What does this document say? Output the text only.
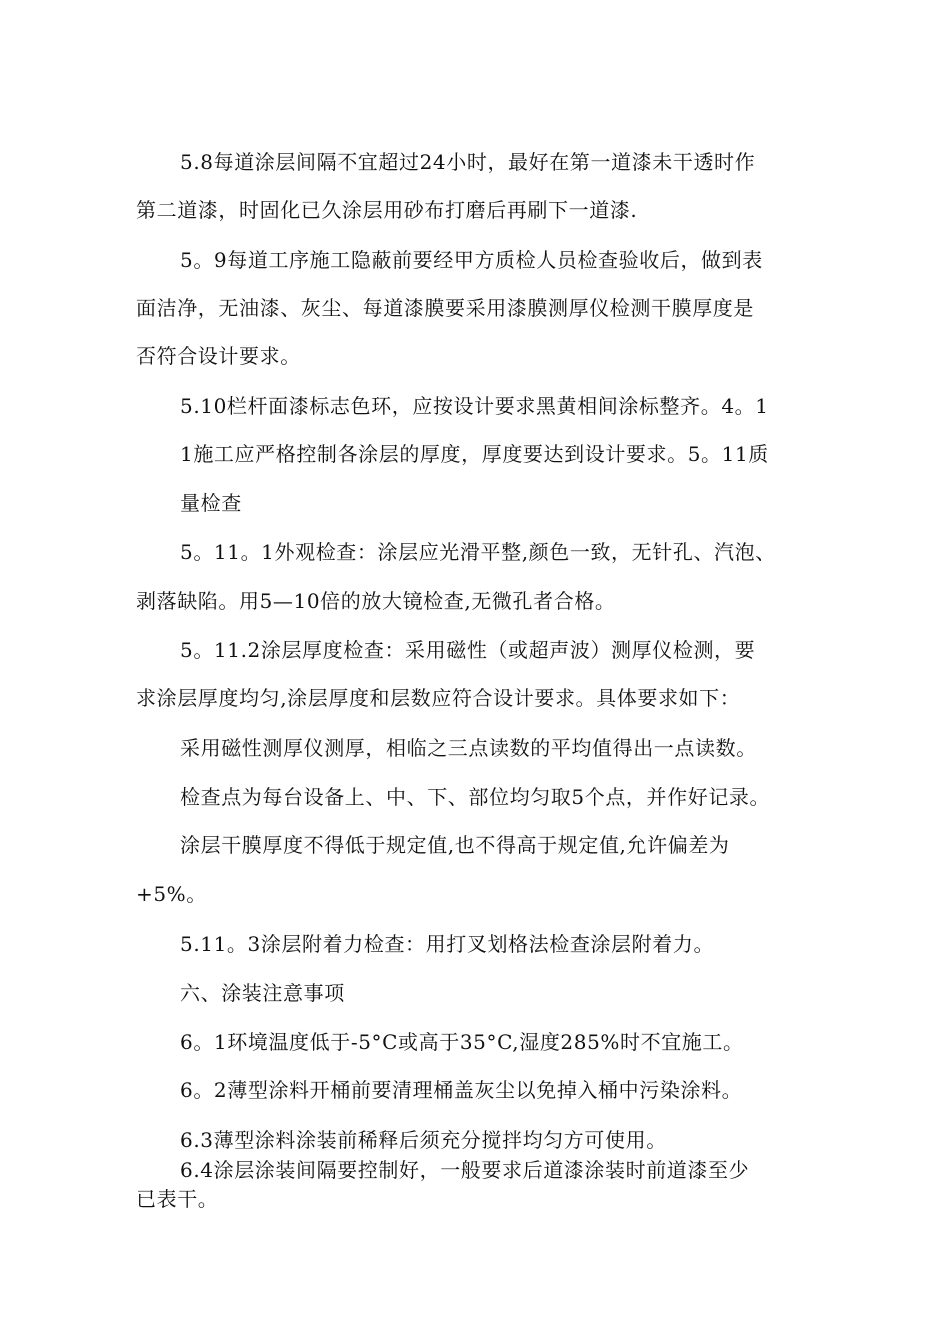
5.8每道涂层间隔不宜超过24小时，最好在第一道漆未干透时作
第二道漆，时固化已久涂层用砂布打磨后再刷下一道漆.
5。9每道工序施工隐蔽前要经甲方质检人员检查验收后，做到表
面洁净，无油漆、灰尘、每道漆膜要采用漆膜测厚仪检测干膜厚度是
否符合设计要求。
5.10栏杆面漆标志色环，应按设计要求黑黄相间涂标整齐。4。1
1施工应严格控制各涂层的厚度，厚度要达到设计要求。5。11质
量检查
5。11。1外观检查：涂层应光滑平整,颜色一致，无针孔、汽泡、
剥落缺陷。用5—10倍的放大镜检查,无微孔者合格。
5。11.2涂层厚度检查：采用磁性（或超声波）测厚仪检测，要
求涂层厚度均匀,涂层厚度和层数应符合设计要求。具体要求如下：
采用磁性测厚仪测厚，相临之三点读数的平均值得出一点读数。
检查点为每台设备上、中、下、部位均匀取5个点，并作好记录。
涂层干膜厚度不得低于规定值,也不得高于规定值,允许偏差为
+5%。
5.11。3涂层附着力检查：用打叉划格法检查涂层附着力。
六、涂装注意事项
6。1环境温度低于-5°C或高于35°C,湿度285%时不宜施工。
6。2薄型涂料开桶前要清理桶盖灰尘以免掉入桶中污染涂料。
6.3薄型涂料涂装前稀释后须充分搅拌均匀方可使用。
6.4涂层涂装间隔要控制好，一般要求后道漆涂装时前道漆至少
已表干。
